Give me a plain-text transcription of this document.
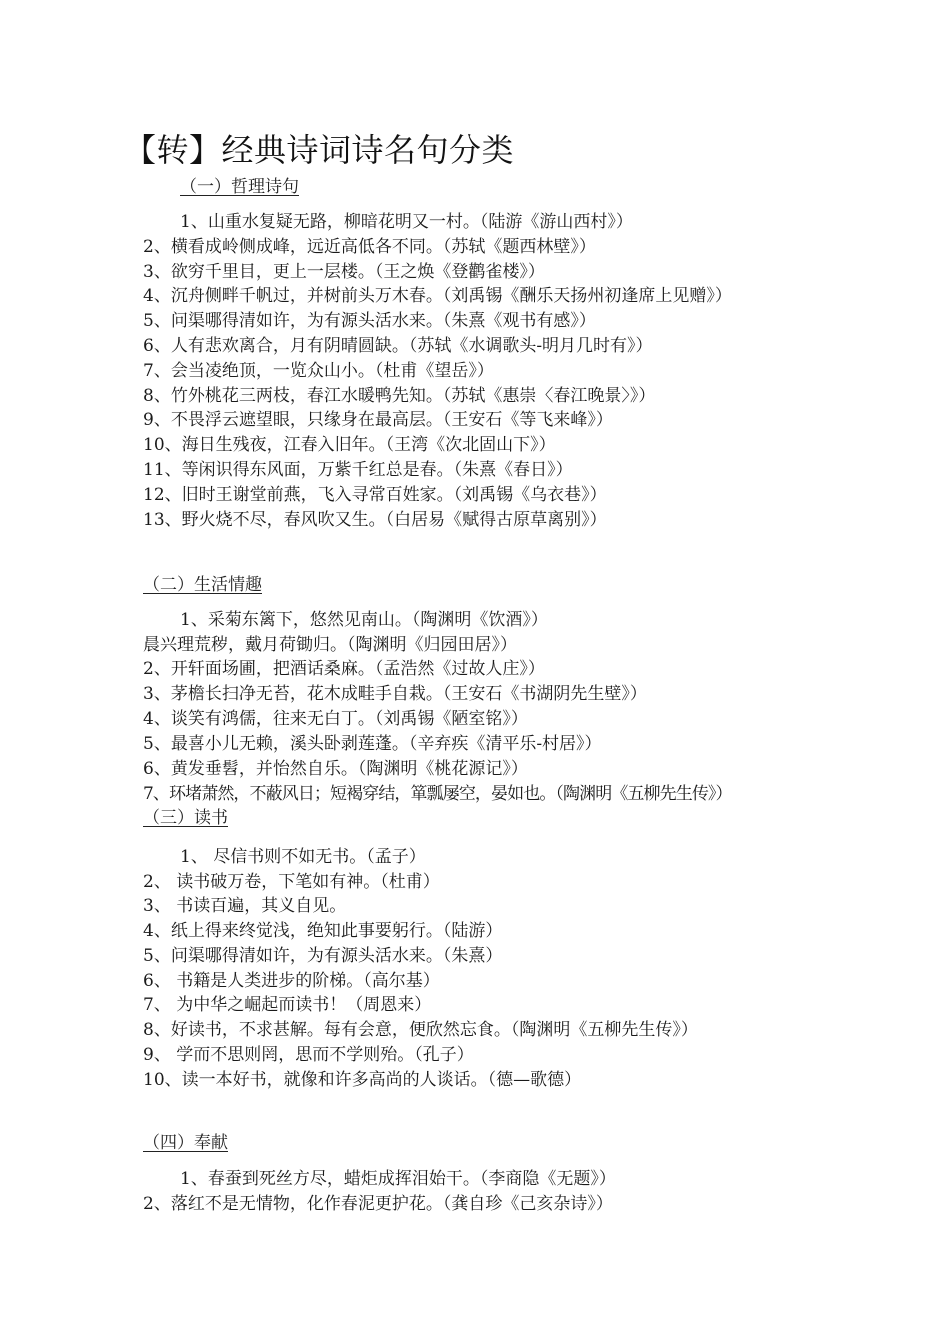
【转】经典诗词诗名句分类
（一）哲理诗句
1、山重水复疑无路，柳暗花明又一村。（陆游《游山西村》）
2、横看成岭侧成峰，远近高低各不同。（苏轼《题西林壁》）
3、欲穷千里目，更上一层楼。（王之焕《登鹳雀楼》）
4、沉舟侧畔千帆过，并树前头万木春。（刘禹锡《酬乐天扬州初逢席上见赠》）
5、问渠哪得清如许，为有源头活水来。（朱熹《观书有感》）
6、人有悲欢离合，月有阴晴圆缺。（苏轼《水调歌头-明月几时有》）
7、会当凌绝顶，一览众山小。（杜甫《望岳》）
8、竹外桃花三两枝，春江水暖鸭先知。（苏轼《惠崇〈春江晚景〉》）
9、不畏浮云遮望眼，只缘身在最高层。（王安石《等飞来峰》）
10、海日生残夜，江春入旧年。（王湾《次北固山下》）
11、等闲识得东风面，万紫千红总是春。（朱熹《春日》）
12、旧时王谢堂前燕，飞入寻常百姓家。（刘禹锡《乌衣巷》）
13、野火烧不尽，春风吹又生。（白居易《赋得古原草离别》）
（二）生活情趣
1、采菊东篱下，悠然见南山。（陶渊明《饮酒》）
晨兴理荒秽，戴月荷锄归。（陶渊明《归园田居》）
2、开轩面场圃，把酒话桑麻。（孟浩然《过故人庄》）
3、茅檐长扫净无苔，花木成畦手自栽。（王安石《书湖阴先生壁》）
4、谈笑有鸿儒，往来无白丁。（刘禹锡《陋室铭》）
5、最喜小儿无赖，溪头卧剥莲蓬。（辛弃疾《清平乐-村居》）
6、黄发垂髫，并怡然自乐。（陶渊明《桃花源记》）
7、环堵萧然，不蔽风日；短褐穿结，箪瓢屡空，晏如也。（陶渊明《五柳先生传》）
（三）读书
1、 尽信书则不如无书。（孟子）
2、 读书破万卷，下笔如有神。（杜甫）
3、 书读百遍，其义自见。
4、纸上得来终觉浅，绝知此事要躬行。（陆游）
5、问渠哪得清如许，为有源头活水来。（朱熹）
6、 书籍是人类进步的阶梯。（高尔基）
7、 为中华之崛起而读书！（周恩来）
8、好读书，不求甚解。每有会意，便欣然忘食。（陶渊明《五柳先生传》）
9、 学而不思则罔，思而不学则殆。（孔子）
10、读一本好书，就像和许多高尚的人谈话。（德—歌德）
（四）奉献
1、春蚕到死丝方尽，蜡炬成挥泪始干。（李商隐《无题》）
2、落红不是无情物，化作春泥更护花。（龚自珍《己亥杂诗》）
